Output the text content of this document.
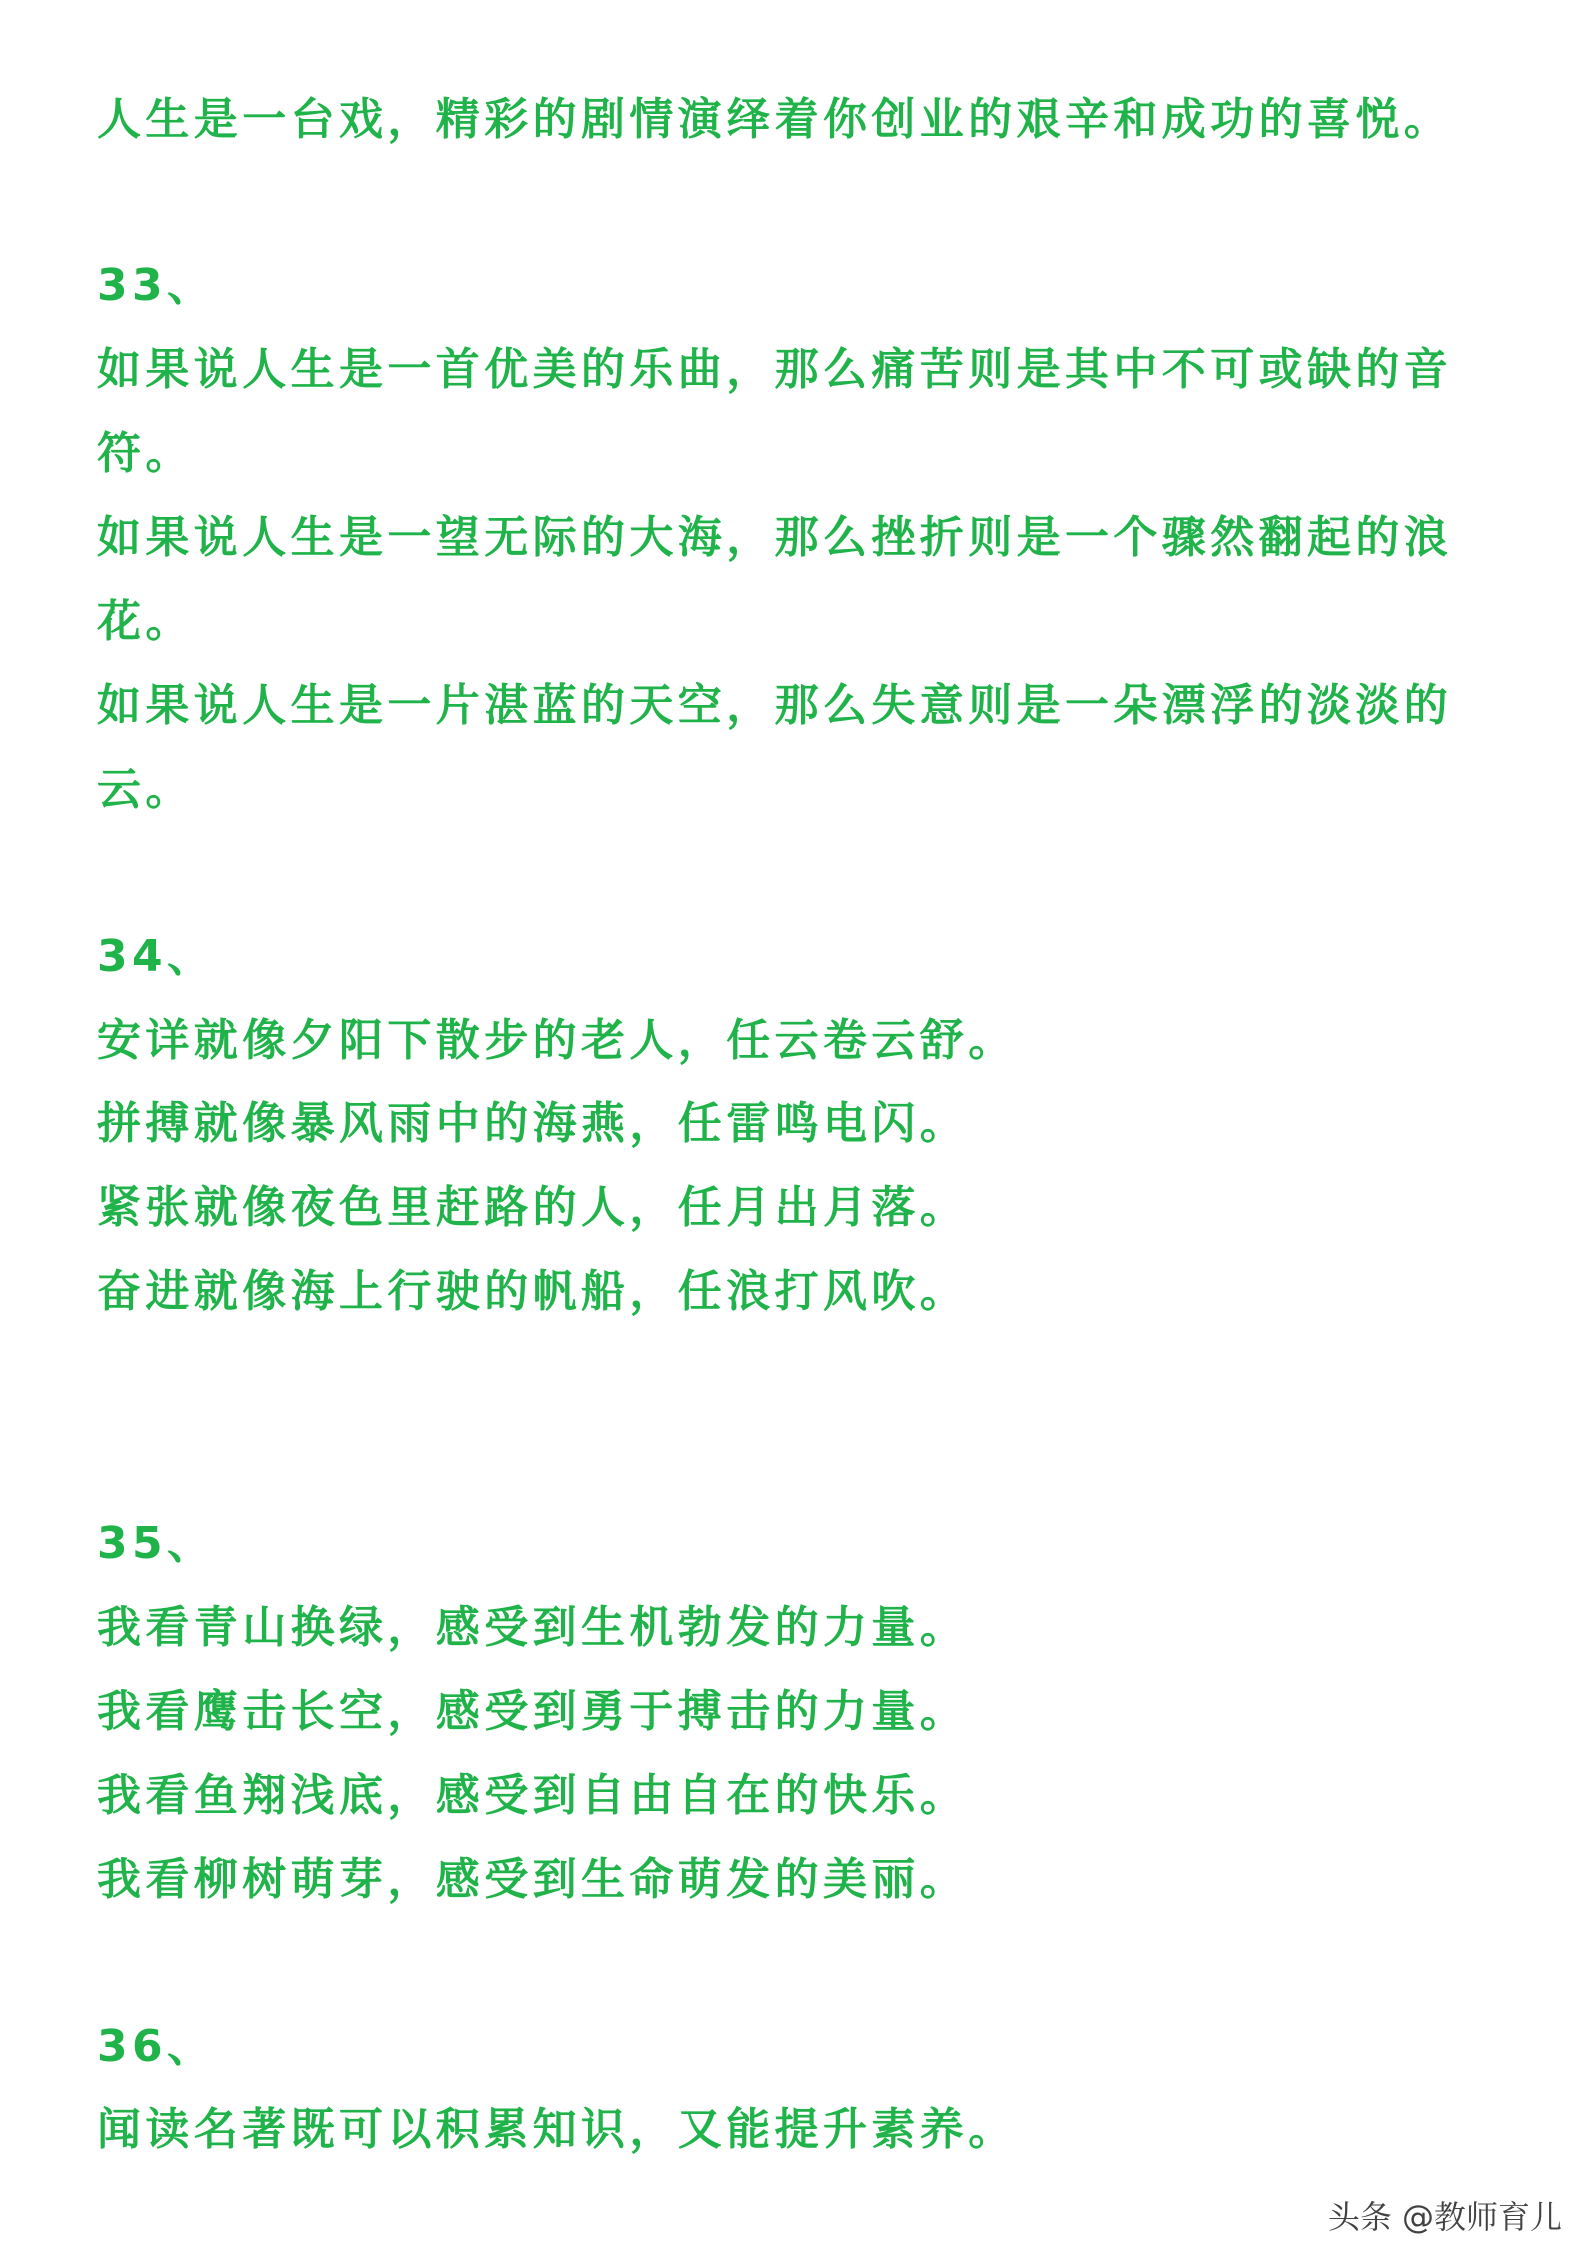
人生是一台戏，精彩的剧情演绎着你创业的艰辛和成功的喜悦。

33、

如果说人生是一首优美的乐曲，那么痛苦则是其中不可或缺的音

符。

如果说人生是一望无际的大海，那么挫折则是一个骤然翻起的浪

花。

如果说人生是一片湛蓝的天空，那么失意则是一朵漂浮的淡淡的

云。

34、

安详就像夕阳下散步的老人，任云卷云舒。

拼搏就像暴风雨中的海燕，任雷鸣电闪。

紧张就像夜色里赶路的人，任月出月落。

奋进就像海上行驶的帆船，任浪打风吹。

35、

我看青山换绿，感受到生机勃发的力量。

我看鹰击长空，感受到勇于搏击的力量。

我看鱼翔浅底，感受到自由自在的快乐。

我看柳树萌芽，感受到生命萌发的美丽。

36、

闻读名著既可以积累知识，又能提升素养。

头条 @教师育儿
